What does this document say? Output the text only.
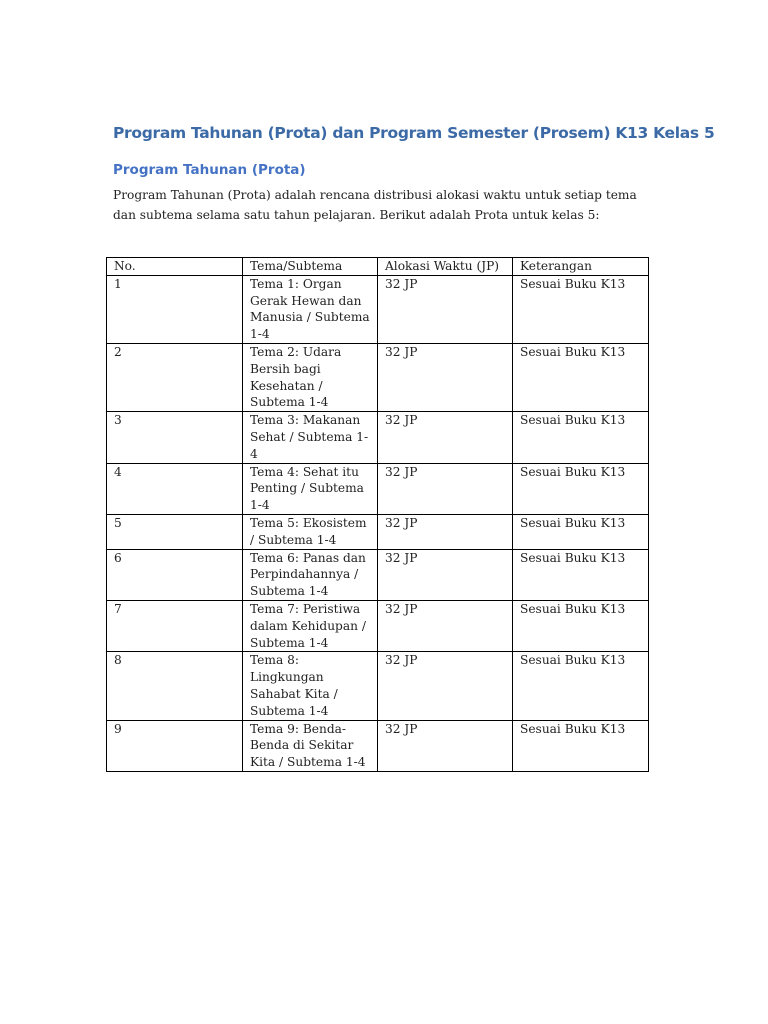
Program Tahunan (Prota) dan Program Semester (Prosem) K13 Kelas 5
Program Tahunan (Prota)
Program Tahunan (Prota) adalah rencana distribusi alokasi waktu untuk setiap tema dan subtema selama satu tahun pelajaran. Berikut adalah Prota untuk kelas 5:
No.	Tema/Subtema	Alokasi Waktu (JP)	Keterangan
1	Tema 1: Organ Gerak Hewan dan Manusia / Subtema 1-4	32 JP	Sesuai Buku K13
2	Tema 2: Udara Bersih bagi Kesehatan / Subtema 1-4	32 JP	Sesuai Buku K13
3	Tema 3: Makanan Sehat / Subtema 1-4	32 JP	Sesuai Buku K13
4	Tema 4: Sehat itu Penting / Subtema 1-4	32 JP	Sesuai Buku K13
5	Tema 5: Ekosistem / Subtema 1-4	32 JP	Sesuai Buku K13
6	Tema 6: Panas dan Perpindahannya / Subtema 1-4	32 JP	Sesuai Buku K13
7	Tema 7: Peristiwa dalam Kehidupan / Subtema 1-4	32 JP	Sesuai Buku K13
8	Tema 8: Lingkungan Sahabat Kita / Subtema 1-4	32 JP	Sesuai Buku K13
9	Tema 9: Benda-Benda di Sekitar Kita / Subtema 1-4	32 JP	Sesuai Buku K13
